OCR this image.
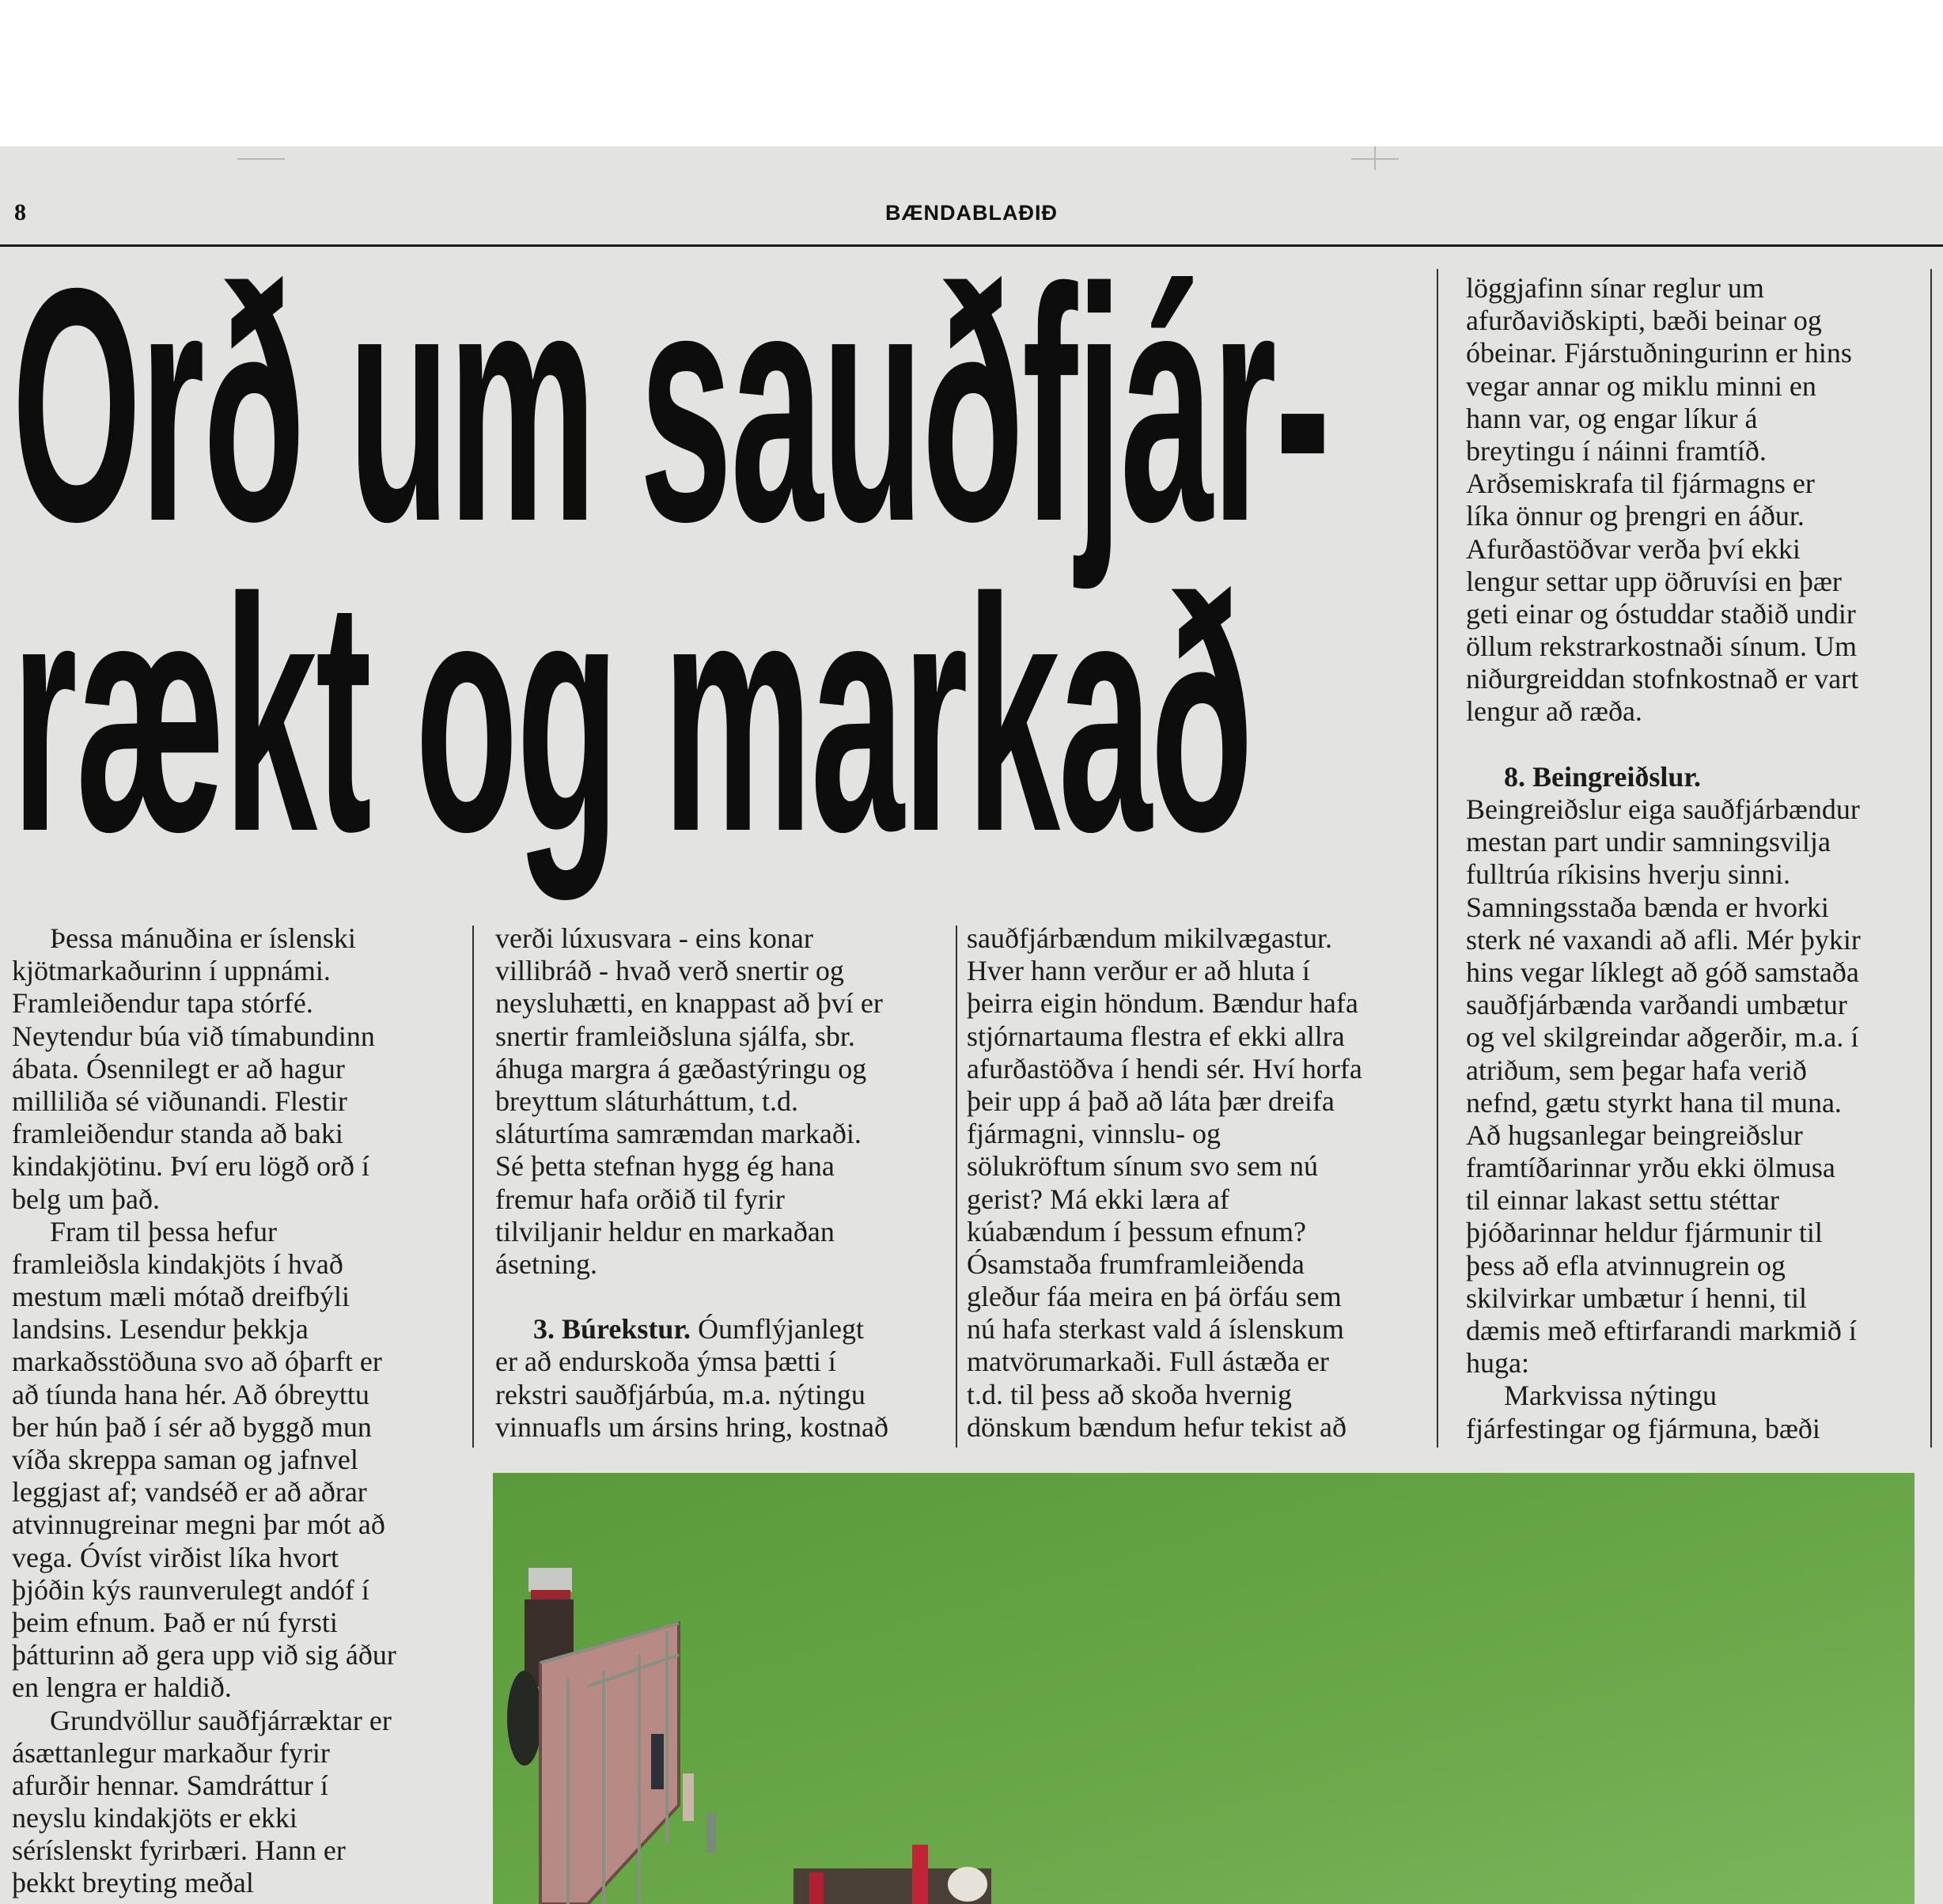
8	BÆNDABLAÐIÐ
Orð um sauðfjár-
rækt og markað
Þessa mánuðina er íslenski
kjötmarkaðurinn í uppnámi.
Framleiðendur tapa stórfé.
Neytendur búa við tímabundinn
ábata. Ósennilegt er að hagur
milliliða sé viðunandi. Flestir
framleiðendur standa að baki
kindakjötinu. Því eru lögð orð í
belg um það.
Fram til þessa hefur
framleiðsla kindakjöts í hvað
mestum mæli mótað dreifbýli
landsins. Lesendur þekkja
markaðsstöðuna svo að óþarft er
að tíunda hana hér. Að óbreyttu
ber hún það í sér að byggð mun
víða skreppa saman og jafnvel
leggjast af; vandséð er að aðrar
atvinnugreinar megni þar mót að
vega. Óvíst virðist líka hvort
þjóðin kýs raunverulegt andóf í
þeim efnum. Það er nú fyrsti
þátturinn að gera upp við sig áður
en lengra er haldið.
Grundvöllur sauðfjárræktar er
ásættanlegur markaður fyrir
afurðir hennar. Samdráttur í
neyslu kindakjöts er ekki
séríslenskt fyrirbæri. Hann er
þekkt breyting meðal
verði lúxusvara - eins konar
villibráð - hvað verð snertir og
neysluhætti, en knappast að því er
snertir framleiðsluna sjálfa, sbr.
áhuga margra á gæðastýringu og
breyttum sláturháttum, t.d.
sláturtíma samræmdan markaði.
Sé þetta stefnan hygg ég hana
fremur hafa orðið til fyrir
tilviljanir heldur en markaðan
ásetning.
3. Búrekstur. Óumflýjanlegt
er að endurskoða ýmsa þætti í
rekstri sauðfjárbúa, m.a. nýtingu
vinnuafls um ársins hring, kostnað
sauðfjárbændum mikilvægastur.
Hver hann verður er að hluta í
þeirra eigin höndum. Bændur hafa
stjórnartauma flestra ef ekki allra
afurðastöðva í hendi sér. Hví horfa
þeir upp á það að láta þær dreifa
fjármagni, vinnslu- og
sölukröftum sínum svo sem nú
gerist? Má ekki læra af
kúabændum í þessum efnum?
Ósamstaða frumframleiðenda
gleður fáa meira en þá örfáu sem
nú hafa sterkast vald á íslenskum
matvörumarkaði. Full ástæða er
t.d. til þess að skoða hvernig
dönskum bændum hefur tekist að
löggjafinn sínar reglur um
afurðaviðskipti, bæði beinar og
óbeinar. Fjárstuðningurinn er hins
vegar annar og miklu minni en
hann var, og engar líkur á
breytingu í náinni framtíð.
Arðsemiskrafa til fjármagns er
líka önnur og þrengri en áður.
Afurðastöðvar verða því ekki
lengur settar upp öðruvísi en þær
geti einar og óstuddar staðið undir
öllum rekstrarkostnaði sínum. Um
niðurgreiddan stofnkostnað er vart
lengur að ræða.
8. Beingreiðslur.
Beingreiðslur eiga sauðfjárbændur
mestan part undir samningsvilja
fulltrúa ríkisins hverju sinni.
Samningsstaða bænda er hvorki
sterk né vaxandi að afli. Mér þykir
hins vegar líklegt að góð samstaða
sauðfjárbænda varðandi umbætur
og vel skilgreindar aðgerðir, m.a. í
atriðum, sem þegar hafa verið
nefnd, gætu styrkt hana til muna.
Að hugsanlegar beingreiðslur
framtíðarinnar yrðu ekki ölmusa
til einnar lakast settu stéttar
þjóðarinnar heldur fjármunir til
þess að efla atvinnugrein og
skilvirkar umbætur í henni, til
dæmis með eftirfarandi markmið í
huga:
Markvissa nýtingu
fjárfestingar og fjármuna, bæði
